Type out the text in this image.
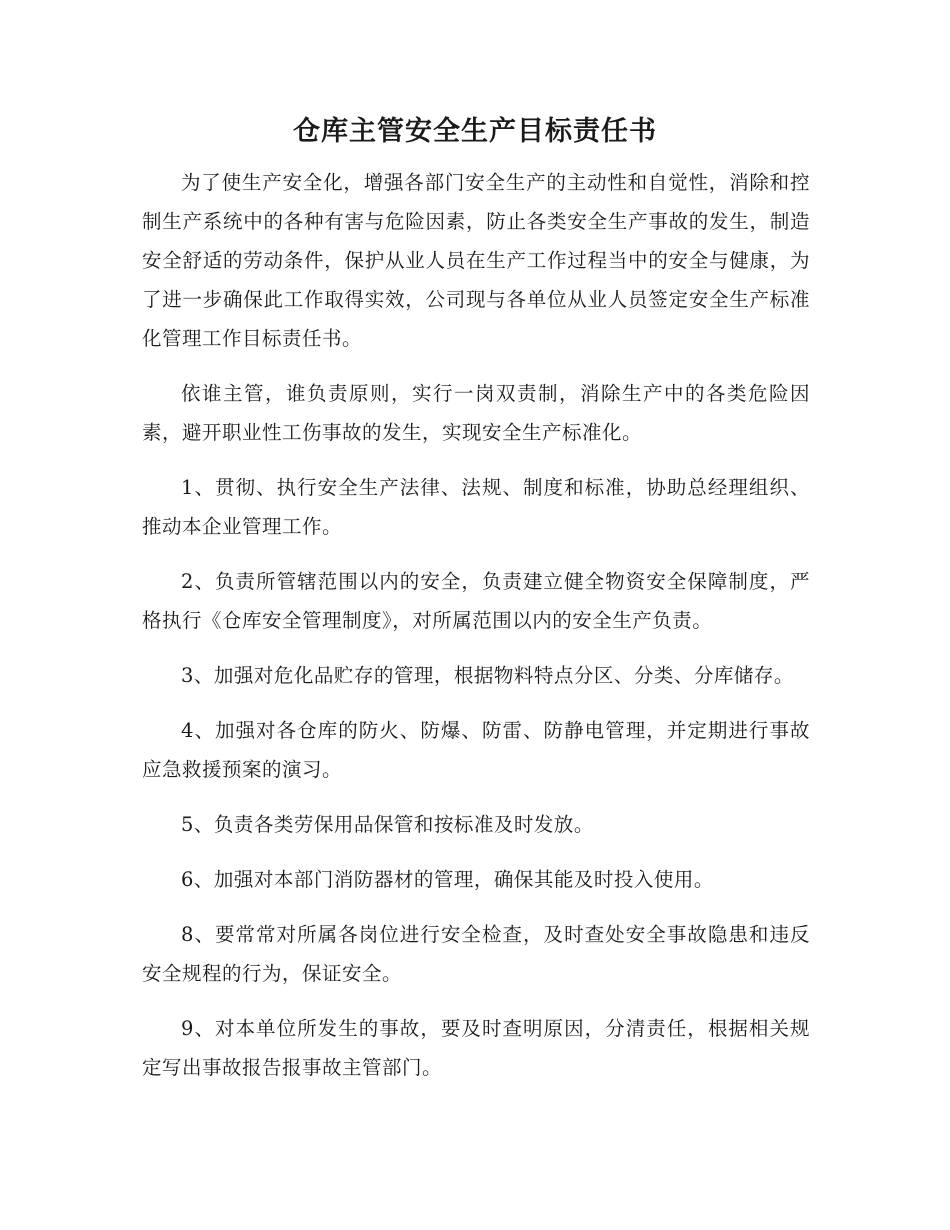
仓库主管安全生产目标责任书

为了使生产安全化，增强各部门安全生产的主动性和自觉性，消除和控制生产系统中的各种有害与危险因素，防止各类安全生产事故的发生，制造安全舒适的劳动条件，保护从业人员在生产工作过程当中的安全与健康，为了进一步确保此工作取得实效，公司现与各单位从业人员签定安全生产标准化管理工作目标责任书。

依谁主管，谁负责原则，实行一岗双责制，消除生产中的各类危险因素，避开职业性工伤事故的发生，实现安全生产标准化。

1、贯彻、执行安全生产法律、法规、制度和标准，协助总经理组织、推动本企业管理工作。

2、负责所管辖范围以内的安全，负责建立健全物资安全保障制度，严格执行《仓库安全管理制度》，对所属范围以内的安全生产负责。

3、加强对危化品贮存的管理，根据物料特点分区、分类、分库储存。

4、加强对各仓库的防火、防爆、防雷、防静电管理，并定期进行事故应急救援预案的演习。

5、负责各类劳保用品保管和按标准及时发放。

6、加强对本部门消防器材的管理，确保其能及时投入使用。

8、要常常对所属各岗位进行安全检查，及时查处安全事故隐患和违反安全规程的行为，保证安全。

9、对本单位所发生的事故，要及时查明原因，分清责任，根据相关规定写出事故报告报事故主管部门。
